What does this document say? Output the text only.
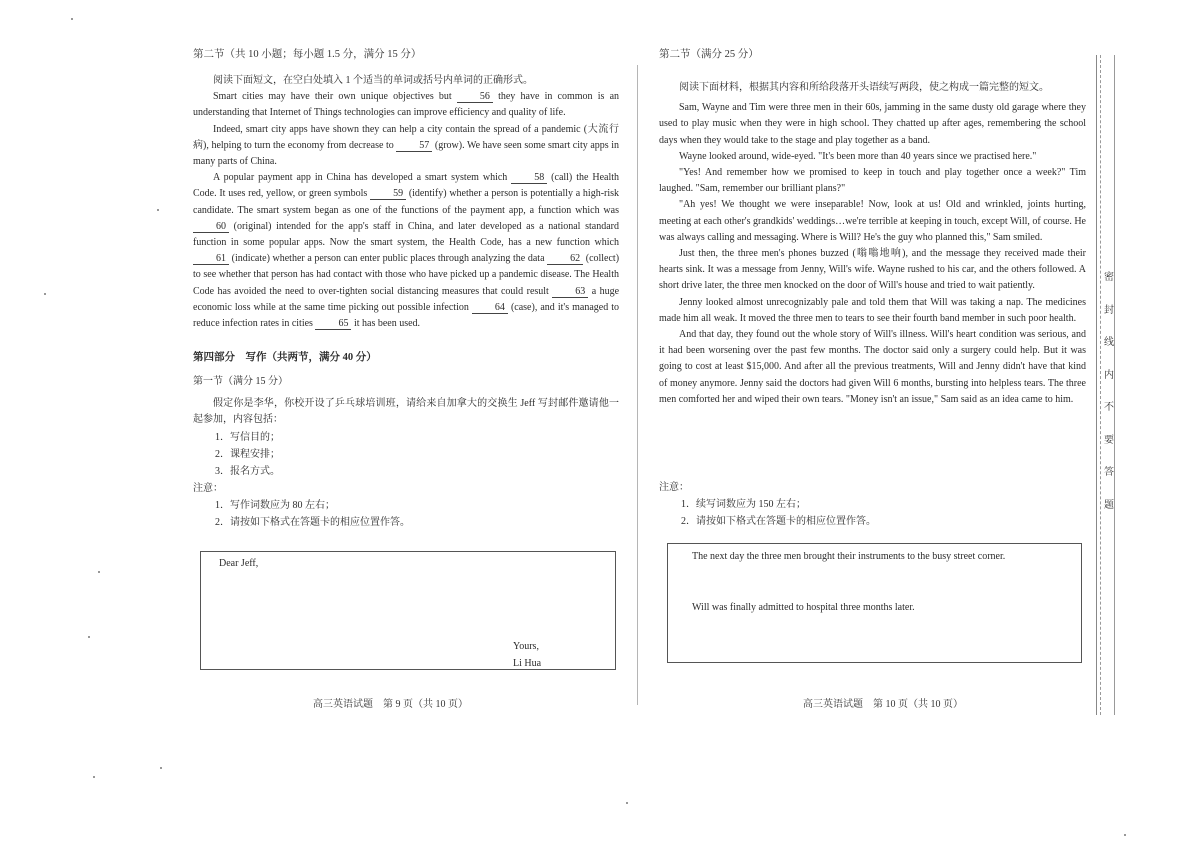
第二节（共 10 小题；每小题 1.5 分，满分 15 分）

阅读下面短文，在空白处填入 1 个适当的单词或括号内单词的正确形式。

Smart cities may have their own unique objectives but	56 they have in common is an understanding that Internet of Things technologies can improve efficiency and quality of life.

Indeed, smart city apps have shown they can help a city contain the spread of a pandemic (大流行病), helping to turn the economy from decrease to	57 (grow). We have seen some smart city apps in many parts of China.

A popular payment app in China has developed a smart system which	58 (call) the Health Code. It uses red, yellow, or green symbols	59 (identify) whether a person is potentially a high-risk candidate. The smart system began as one of the functions of the payment app, a function which was 60 (original) intended for the app's staff in China, and later developed as a national standard function in some popular apps. Now the smart system, the Health Code, has a new function which 61 (indicate) whether a person can enter public places through analyzing the data	62 (collect) to see whether that person has had contact with those who have picked up a pandemic disease. The Health Code has avoided the need to over-tighten social distancing measures that could result	63 a huge economic loss while at the same time picking out possible infection	64 (case), and it's managed to reduce infection rates in cities	65 it has been used.

第四部分　写作（共两节，满分 40 分）

第一节（满分 15 分）

假定你是李华，你校开设了乒乓球培训班，请给来自加拿大的交换生 Jeff 写封邮件邀请他一起参加，内容包括：

1．写信目的；

2．课程安排；

3．报名方式。

注意：

1．写作词数应为 80 左右；

2．请按如下格式在答题卡的相应位置作答。

Dear Jeff,
Yours,
Li Hua
高三英语试题　第 9 页（共 10 页）
第二节（满分 25 分）

阅读下面材料，根据其内容和所给段落开头语续写两段，使之构成一篇完整的短文。

Sam, Wayne and Tim were three men in their 60s, jamming in the same dusty old garage where they used to play music when they were in high school. They chatted up after ages, remembering the school days when they would take to the stage and play together as a band.

Wayne looked around, wide-eyed. "It's been more than 40 years since we practised here."

"Yes! And remember how we promised to keep in touch and play together once a week?" Tim laughed. "Sam, remember our brilliant plans?"

"Ah yes! We thought we were inseparable! Now, look at us! Old and wrinkled, joints hurting, meeting at each other's grandkids' weddings…we're terrible at keeping in touch, except Will, of course. He was always calling and messaging. Where is Will? He's the guy who planned this," Sam smiled.

Just then, the three men's phones buzzed (嗡嗡地响), and the message they received made their hearts sink. It was a message from Jenny, Will's wife. Wayne rushed to his car, and the others followed. A short drive later, the three men knocked on the door of Will's house and tried to wait patiently.

Jenny looked almost unrecognizably pale and told them that Will was taking a nap. The medicines made him all weak. It moved the three men to tears to see their fourth band member in such poor health.

And that day, they found out the whole story of Will's illness. Will's heart condition was serious, and it had been worsening over the past few months. The doctor said only a surgery could help. But it was going to cost at least $15,000. And after all the previous treatments, Will and Jenny didn't have that kind of money anymore. Jenny said the doctors had given Will 6 months, bursting into helpless tears. The three men comforted her and wiped their own tears. "Money isn't an issue," Sam said as an idea came to him.

注意：

1．续写词数应为 150 左右；

2．请按如下格式在答题卡的相应位置作答。

The next day the three men brought their instruments to the busy street corner.
Will was finally admitted to hospital three months later.
高三英语试题　第 10 页（共 10 页）
密封线内不要答题
